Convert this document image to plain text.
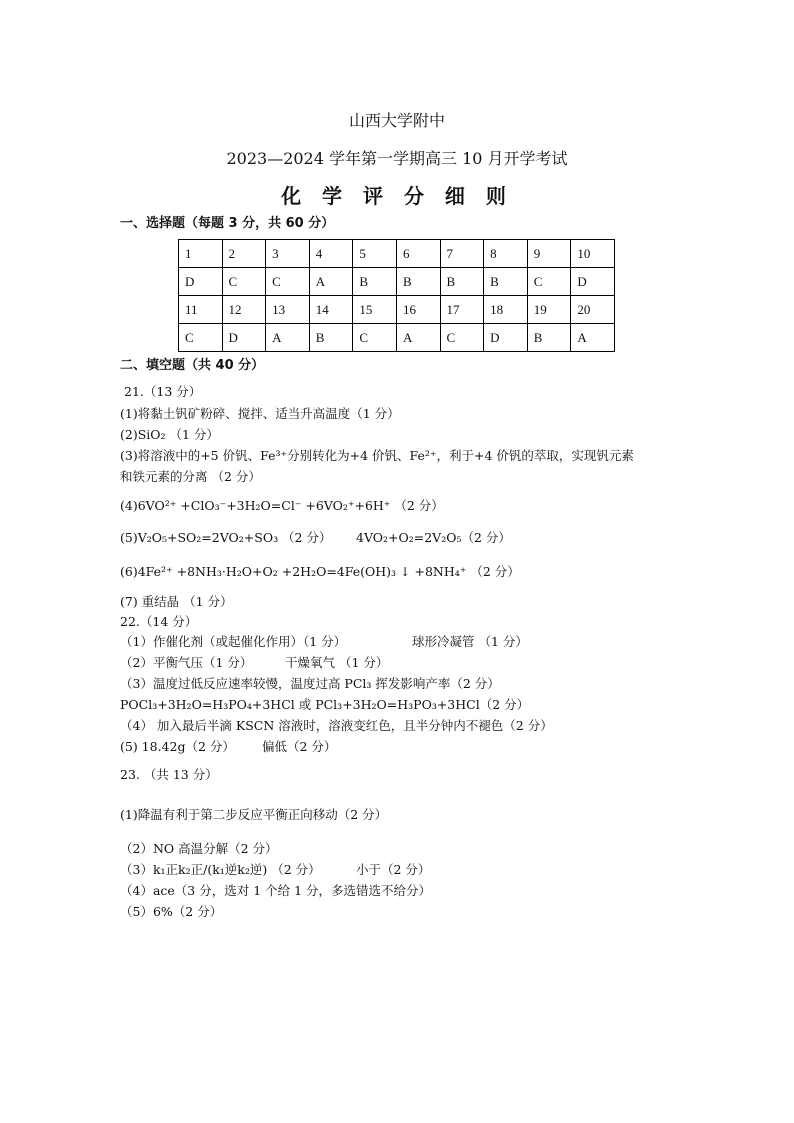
山西大学附中
2023—2024 学年第一学期高三 10 月开学考试
化 学 评 分 细 则
一、选择题（每题 3 分，共 60 分）
1	2	3	4	5	6	7	8	9	10
D	C	C	A	B	B	B	B	C	D
11	12	13	14	15	16	17	18	19	20
C	D	A	B	C	A	C	D	B	A
二、填空题（共 40 分）
21.（13 分）
(1)将黏土钒矿粉碎、搅拌、适当升高温度（1 分）
(2)SiO₂ （1 分）
(3)将溶液中的+5 价钒、Fe³⁺分别转化为+4 价钒、Fe²⁺，利于+4 价钒的萃取，实现钒元素
和铁元素的分离 （2 分）
(4)6VO²⁺ +ClO₃⁻+3H₂O=Cl⁻ +6VO₂⁺+6H⁺ （2 分）
(5)V₂O₅+SO₂=2VO₂+SO₃ （2 分） 4VO₂+O₂=2V₂O₅（2 分）
(6)4Fe²⁺ +8NH₃·H₂O+O₂ +2H₂O=4Fe(OH)₃ ↓ +8NH₄⁺ （2 分）
(7) 重结晶 （1 分）
22.（14 分）
（1）作催化剂（或起催化作用）（1 分）	球形冷凝管 （1 分）
（2）平衡气压（1 分）	干燥氧气 （1 分）
（3）温度过低反应速率较慢，温度过高 PCl₃ 挥发影响产率（2 分）
POCl₃+3H₂O=H₃PO₄+3HCl 或 PCl₃+3H₂O=H₃PO₃+3HCl（2 分）
（4） 加入最后半滴 KSCN 溶液时，溶液变红色，且半分钟内不褪色（2 分）
(5) 18.42g（2 分） 偏低（2 分）
23. （共 13 分）
(1)降温有利于第二步反应平衡正向移动（2 分）
（2）NO 高温分解（2 分）
（3）k₁正k₂正/(k₁逆k₂逆) （2 分）	小于（2 分）
（4）ace（3 分，选对 1 个给 1 分，多选错选不给分）
（5）6%（2 分）
